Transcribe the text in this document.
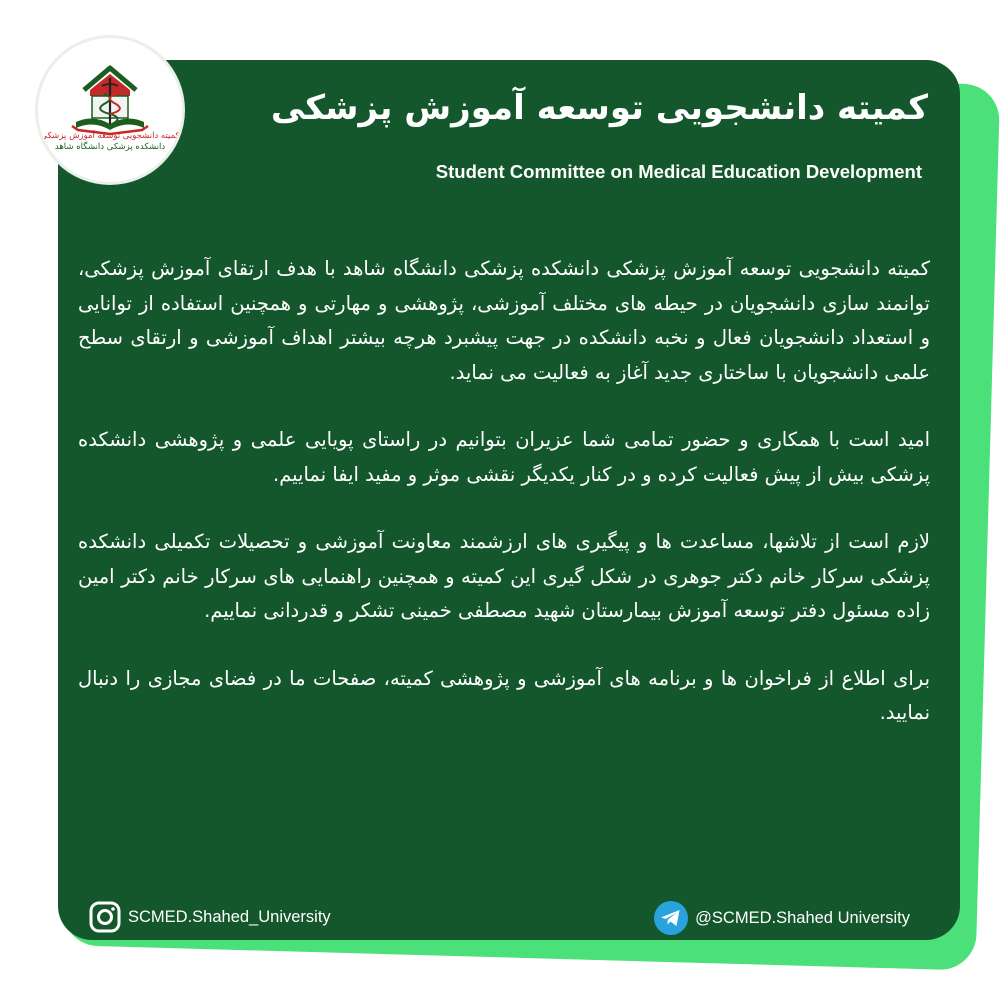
کمیته دانشجویی توسعه آموزش پزشکی
دانشکده پزشکی دانشگاه شاهد
کمیته دانشجویی توسعه آموزش پزشکی
Student Committee on Medical Education Development

کمیته دانشجویی توسعه آموزش پزشکی دانشکده پزشکی دانشگاه شاهد با هدف ارتقای آموزش پزشکی، توانمند سازی دانشجویان در حیطه های مختلف آموزشی، پژوهشی و مهارتی و همچنین استفاده از توانایی و استعداد دانشجویان فعال و نخبه دانشکده در جهت پیشبرد هرچه بیشتر اهداف آموزشی و ارتقای سطح علمی دانشجویان با ساختاری جدید آغاز به فعالیت می نماید.

امید است با همکاری و حضور تمامی شما عزیران بتوانیم در راستای پویایی علمی و پژوهشی دانشکده پزشکی بیش از پیش فعالیت کرده و در کنار یکدیگر نقشی موثر و مفید ایفا نماییم.

لازم است از تلاشها، مساعدت ها و پیگیری های ارزشمند معاونت آموزشی و تحصیلات تکمیلی دانشکده پزشکی سرکار خانم دکتر جوهری در شکل گیری این کمیته و همچنین راهنمایی های سرکار خانم دکتر امین زاده مسئول دفتر توسعه آموزش بیمارستان شهید مصطفی خمینی تشکر و قدردانی نماییم.

برای اطلاع از فراخوان ها و برنامه های آموزشی و پژوهشی کمیته، صفحات ما در فضای مجازی را دنبال نمایید.

SCMED.Shahed_University	@SCMED.Shahed University
